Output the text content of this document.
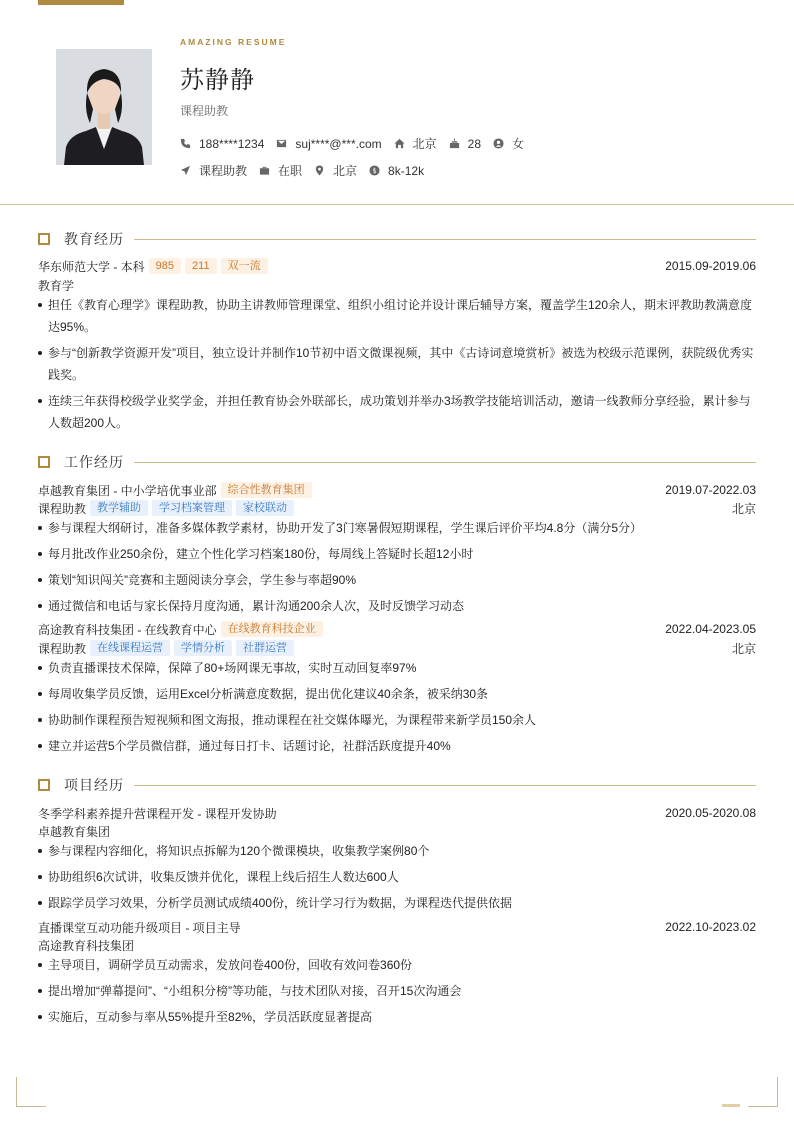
AMAZING RESUME
苏静静
课程助教
188****1234	suj****@***.com	北京	28	女
课程助教	在职	北京 $ 8k-12k
教育经历
华东师范大学 - 本科	985	211	双一流	2015.09-2019.06
教育学
担任《教育心理学》课程助教，协助主讲教师管理课堂、组织小组讨论并设计课后辅导方案，覆盖学生120余人，期末评教助教满意度
达95%。
参与“创新教学资源开发”项目，独立设计并制作10节初中语文微课视频，其中《古诗词意境赏析》被选为校级示范课例，获院级优秀实
践奖。
连续三年获得校级学业奖学金，并担任教育协会外联部长，成功策划并举办3场教学技能培训活动，邀请一线教师分享经验，累计参与
人数超200人。
工作经历
卓越教育集团 - 中小学培优事业部	综合性教育集团	2019.07-2022.03
课程助教	教学辅助	学习档案管理	家校联动	北京
参与课程大纲研讨，准备多媒体教学素材，协助开发了3门寒暑假短期课程，学生课后评价平均4.8分（满分5分）
每月批改作业250余份，建立个性化学习档案180份，每周线上答疑时长超12小时
策划“知识闯关”竞赛和主题阅读分享会，学生参与率超90%
通过微信和电话与家长保持月度沟通，累计沟通200余人次，及时反馈学习动态
高途教育科技集团 - 在线教育中心	在线教育科技企业	2022.04-2023.05
课程助教	在线课程运营	学情分析	社群运营	北京
负责直播课技术保障，保障了80+场网课无事故，实时互动回复率97%
每周收集学员反馈，运用Excel分析满意度数据，提出优化建议40余条，被采纳30条
协助制作课程预告短视频和图文海报，推动课程在社交媒体曝光，为课程带来新学员150余人
建立并运营5个学员微信群，通过每日打卡、话题讨论，社群活跃度提升40%
项目经历
冬季学科素养提升营课程开发 - 课程开发协助	2020.05-2020.08
卓越教育集团
参与课程内容细化，将知识点拆解为120个微课模块，收集教学案例80个
协助组织6次试讲，收集反馈并优化，课程上线后招生人数达600人
跟踪学员学习效果，分析学员测试成绩400份，统计学习行为数据，为课程迭代提供依据
直播课堂互动功能升级项目 - 项目主导	2022.10-2023.02
高途教育科技集团
主导项目，调研学员互动需求，发放问卷400份，回收有效问卷360份
提出增加“弹幕提问”、“小组积分榜”等功能，与技术团队对接，召开15次沟通会
实施后，互动参与率从55%提升至82%，学员活跃度显著提高
